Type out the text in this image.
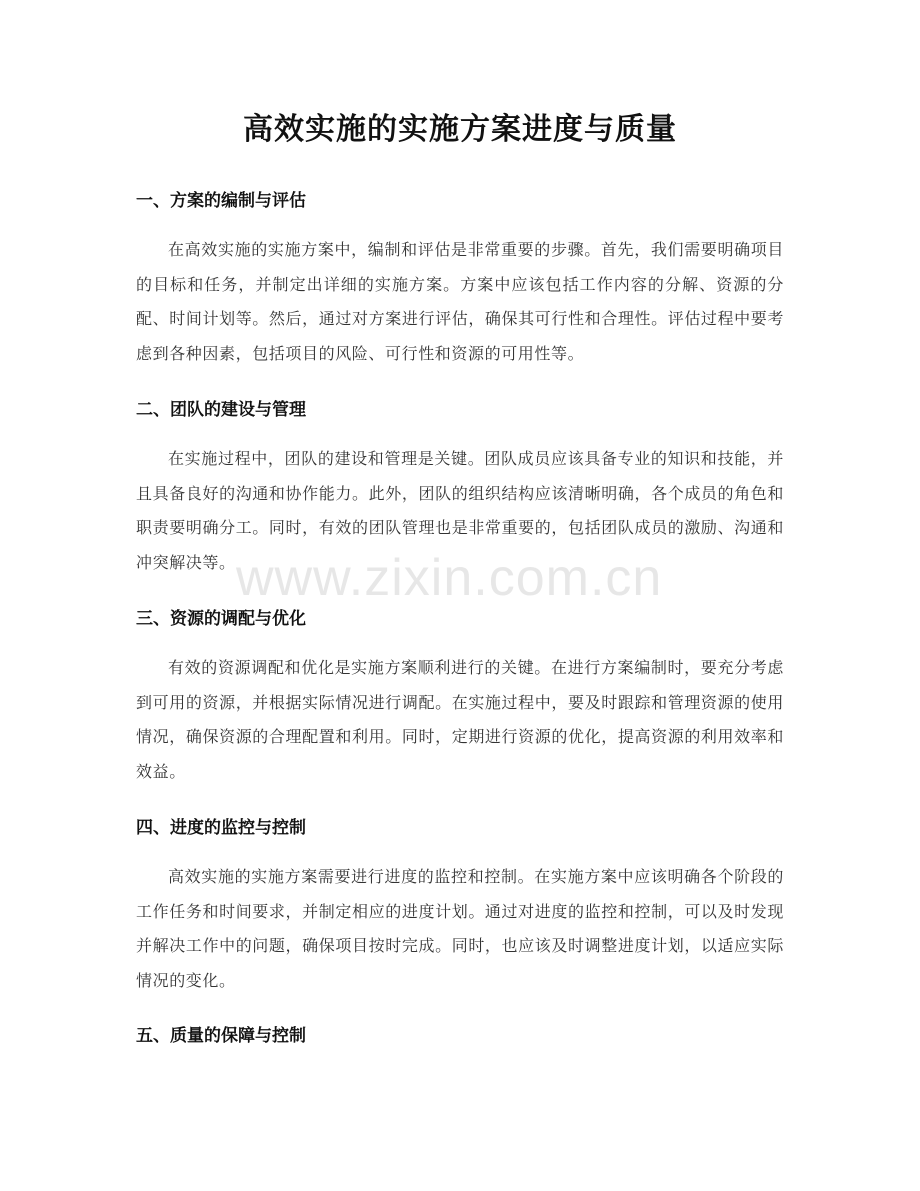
高效实施的实施方案进度与质量
一、方案的编制与评估

在高效实施的实施方案中，编制和评估是非常重要的步骤。首先，我们需要明确项目的目标和任务，并制定出详细的实施方案。方案中应该包括工作内容的分解、资源的分配、时间计划等。然后，通过对方案进行评估，确保其可行性和合理性。评估过程中要考虑到各种因素，包括项目的风险、可行性和资源的可用性等。

二、团队的建设与管理

在实施过程中，团队的建设和管理是关键。团队成员应该具备专业的知识和技能，并且具备良好的沟通和协作能力。此外，团队的组织结构应该清晰明确，各个成员的角色和职责要明确分工。同时，有效的团队管理也是非常重要的，包括团队成员的激励、沟通和冲突解决等。

三、资源的调配与优化

有效的资源调配和优化是实施方案顺利进行的关键。在进行方案编制时，要充分考虑到可用的资源，并根据实际情况进行调配。在实施过程中，要及时跟踪和管理资源的使用情况，确保资源的合理配置和利用。同时，定期进行资源的优化，提高资源的利用效率和效益。

四、进度的监控与控制

高效实施的实施方案需要进行进度的监控和控制。在实施方案中应该明确各个阶段的工作任务和时间要求，并制定相应的进度计划。通过对进度的监控和控制，可以及时发现并解决工作中的问题，确保项目按时完成。同时，也应该及时调整进度计划，以适应实际情况的变化。

五、质量的保障与控制
www.zixin.com.cn
